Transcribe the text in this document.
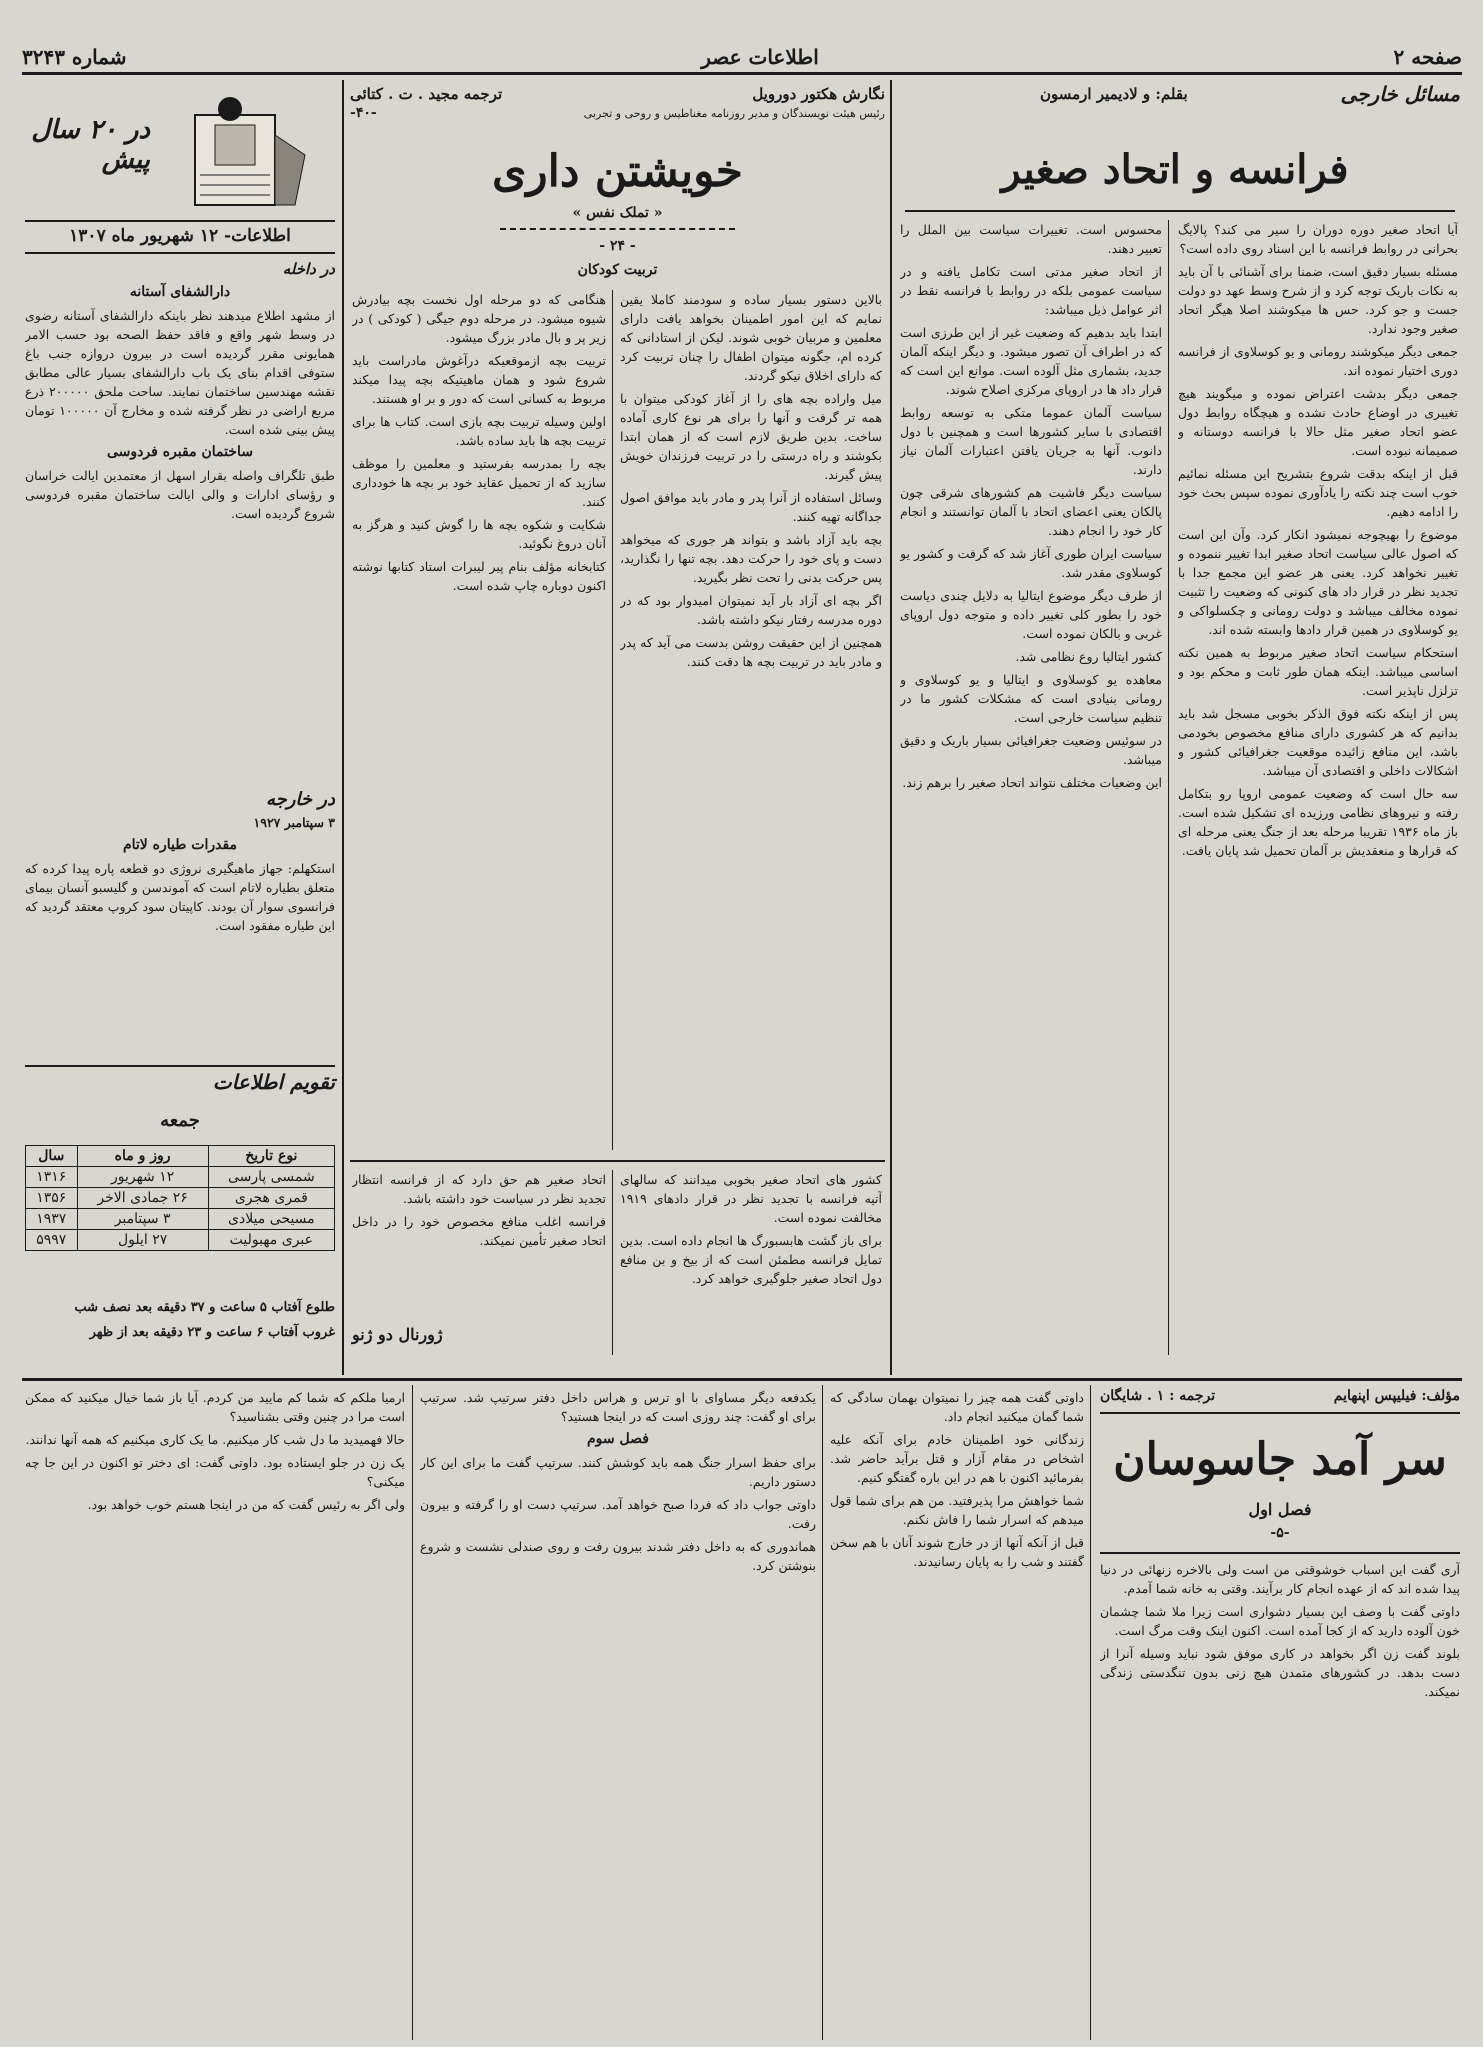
شماره ۳۲۴۳	اطلاعات عصر	صفحه ۲
مسائل خارجی
بقلم: و لادیمیر ارمسون
فرانسه و اتحاد صغیر

آیا اتحاد صغیر دوره دوران را سیر می کند؟ پالایگ بحرانی در روابط فرانسه با این اسناد روی داده است؟

مسئله بسیار دقیق است، ضمنا برای آشنائی با آن باید به نکات باریک توجه کرد و از شرح وسط عهد دو دولت جست و جو کرد. حس ها میکوشند اصلا هیگر اتحاد صغیر وجود ندارد.

جمعی دیگر میکوشند رومانی و یو کوسلاوی از فرانسه دوری اختیار نموده اند.

جمعی دیگر بدشت اعتراض نموده و میگویند هیچ تغییری در اوضاع حادث نشده و هیچگاه روابط دول عضو اتحاد صغیر مثل حالا با فرانسه دوستانه و صمیمانه نبوده است.

قبل از اینکه بدقت شروع بتشریح این مسئله نمائیم خوب است چند نکته را یادآوری نموده سپس بحث خود را ادامه دهیم.

موضوع را بهیچوجه نمیشود انکار کرد. وآن این است که اصول عالی سیاست اتحاد صغیر ابدا تغییر ننموده و تغییر نخواهد کرد. یعنی هر عضو این مجمع جدا با تجدید نظر در قرار داد های کنونی که وضعیت را تثبیت نموده مخالف میباشد و دولت رومانی و چکسلواکی و یو کوسلاوی در همین قرار دادها وابسته شده اند.

استحکام سیاست اتحاد صغیر مربوط به همین نکته اساسی میباشد. اینکه همان طور ثابت و محکم بود و تزلزل ناپذیر است.

پس از اینکه نکته فوق الذکر بخوبی مسجل شد باید بدانیم که هر کشوری دارای منافع مخصوص بخودمی باشد، این منافع زائیده موقعیت جغرافیائی کشور و اشکالات داخلی و اقتصادی آن میباشد.

سه حال است که وضعیت عمومی اروپا رو بتکامل رفته و نیروهای نظامی ورزیده ای تشکیل شده است. باز ماه ۱۹۳۶ تقریبا مرحله بعد از جنگ یعنی مرحله ای که قرارها و منعقدیش بر آلمان تحمیل شد پایان یافت.

محسوس است. تغییرات سیاست بین الملل را تعبیر دهند.

از اتحاد صغیر مدتی است تکامل یافته و در سیاست عمومی بلکه در روابط با فرانسه نقط در اثر عوامل ذیل میباشد:

ابتدا باید بدهیم که وضعیت غیر از این طرزی است که در اطراف آن تصور میشود. و دیگر اینکه آلمان جدید، بشماری مثل آلوده است. موانع این است که قرار داد ها در اروپای مرکزی اصلاح شوند.

سیاست آلمان عموما متکی به توسعه روابط اقتصادی با سایر کشورها است و همچنین با دول دانوب. آنها به جریان یافتن اعتبارات آلمان نیاز دارند.

سیاست دیگر فاشیت هم کشورهای شرقی چون پالکان یعنی اعضای اتحاد با آلمان توانستند و انجام کار خود را انجام دهند.

سیاست ایران طوری آغاز شد که گرفت و کشور یو کوسلاوی مقدر شد.

از طرف دیگر موضوع ایتالیا به دلایل چندی دیاست خود را بطور کلی تغییر داده و متوجه دول اروپای غربی و بالکان نموده است.

کشور ایتالیا روع نظامی شد.

معاهده یو کوسلاوی و ایتالیا و یو کوسلاوی و رومانی بنیادی است که مشکلات کشور ما در تنظیم سیاست خارجی است.

در سوئیس وضعیت جغرافیائی بسیار باریک و دقیق میباشد.

این وضعیات مختلف نتواند اتحاد صغیر را برهم زند.

نگارش هکتور دورویل
ترجمه مجید . ت . کتائی
رئیس هیئت نویسندگان و مدیر روزنامه مغناطیس و روحی و تجربی
-۴۰-
خویشتن داری
« تملک نفس »
- ۲۴ -
تربیت کودکان

بالاین دستور بسیار ساده و سودمند کاملا یقین نمایم که این امور اطمینان بخواهد یافت دارای معلمین و مربیان خوبی شوند. لیکن از استادانی که کرده ام، جگونه میتوان اطفال را چنان تربیت کرد که دارای اخلاق نیکو گردند.

میل واراده بچه های را از آغاز کودکی میتوان با همه تر گرفت و آنها را برای هر نوع کاری آماده ساخت. بدین طریق لازم است که از همان ابتدا بکوشند و راه درستی را در تربیت فرزندان خویش پیش گیرند.

وسائل استفاده از آنرا پدر و مادر باید موافق اصول جداگانه تهیه کنند.

بچه باید آزاد باشد و بتواند هر جوری که میخواهد دست و پای خود را حرکت دهد. بچه تنها را نگذارید، پس حرکت بدنی را تحت نظر بگیرید.

اگر بچه ای آزاد بار آید نمیتوان امیدوار بود که در دوره مدرسه رفتار نیکو داشته باشد.

همچنین از این حقیقت روشن بدست می آید که پدر و مادر باید در تربیت بچه ها دقت کنند.

هنگامی که دو مرحله اول نخست بچه بیادرش شیوه میشود. در مرحله دوم جیگی ( کودکی ) در زیر پر و بال مادر بزرگ میشود.

تربیت بچه ازموقعیکه درآغوش مادراست باید شروع شود و همان ماهیتیکه بچه پیدا میکند مربوط به کسانی است که دور و بر او هستند.

اولین وسیله تربیت بچه بازی است. کتاب ها برای تربیت بچه ها باید ساده باشد.

بچه را بمدرسه بفرستید و معلمین را موظف سازید که از تحمیل عقاید خود بر بچه ها خودداری کنند.

شکایت و شکوه بچه ها را گوش کنید و هرگز به آنان دروغ نگوئید.

کتابخانه مؤلف بنام پیر لیبرات استاد کتابها نوشته اکنون دوباره چاپ شده است.

کشور های اتحاد صغیر بخوبی میدانند که سالهای آتیه فرانسه با تجدید نظر در قرار دادهای ۱۹۱۹ مخالفت نموده است.

برای باز گشت هابسبورگ ها انجام داده است. بدین تمایل فرانسه مطمئن است که از بیخ و بن منافع دول اتحاد صغیر جلوگیری خواهد کرد.

اتحاد صغیر هم حق دارد که از فرانسه انتظار تجدید نظر در سیاست خود داشته باشد.

فرانسه اغلب منافع مخصوص خود را در داخل اتحاد صغیر تأمین نمیکند.

ژورنال دو ژنو
در ۲۰ سال پیش
اطلاعات- ۱۲ شهریور ماه ۱۳۰۷

در داخله

دارالشفای آستانه

از مشهد اطلاع میدهند نظر باینکه دارالشفای آستانه رضوی در وسط شهر واقع و فاقد حفظ الصحه بود حسب الامر همایونی مقرر گردیده است در بیرون دروازه جنب باغ ستوفی اقدام بنای یک باب دارالشفای بسیار عالی مطابق نقشه مهندسین ساختمان نمایند. ساحت ملحق ۲۰۰۰۰۰ ذرع مربع اراضی در نظر گرفته شده و مخارج آن ۱۰۰۰۰۰ تومان پیش بینی شده است.

ساختمان مقبره فردوسی

طبق تلگراف واصله بقرار اسهل از معتمدین ایالت خراسان و رؤسای ادارات و والی ایالت ساختمان مقبره فردوسی شروع گردیده است.

در خارجه

۳ سپتامبر ۱۹۲۷

مقدرات طیاره لاتام

استکهلم: جهاز ماهیگیری نروژی دو قطعه پاره پیدا کرده که متعلق بطیاره لاتام است که آموندسن و گلیسبو آنسان بیمای فرانسوی سوار آن بودند. کاپیتان سود کروپ معتقد گردید که این طیاره مفقود است.

تقویم اطلاعات
جمعه
نوع تاریخ	روز و ماه	سال
شمسی پارسی	۱۲ شهریور	۱۳۱۶
قمری هجری	۲۶ جمادی الاخر	۱۳۵۶
مسیحی میلادی	۳ سپتامبر	۱۹۳۷
عبری مهبولیت	۲۷ ایلول	۵۹۹۷
طلوع آفتاب ۵ ساعت و ۳۷ دقیقه بعد نصف شب
غروب آفتاب ۶ ساعت و ۲۳ دقیقه بعد از ظهر
مؤلف: فیلیپس اپنهایم
ترجمه : ۱ . شایگان
سر آمد جاسوسان
فصل اول
-۵-

آری گفت این اسباب خوشوقتی من است ولی بالاخره زنهائی در دنیا پیدا شده اند که از عهده انجام کار برآیند. وقتی به خانه شما آمدم.

داوتی گفت با وصف این بسیار دشواری است زیرا ملا شما چشمان خون آلوده دارید که از کجا آمده است. اکنون اینک وقت مرگ است.

بلوند گفت زن اگر بخواهد در کاری موفق شود نباید وسیله آنرا از دست بدهد. در کشورهای متمدن هیچ زنی بدون تنگدستی زندگی نمیکند.

داوتی گفت همه چیز را نمیتوان بهمان سادگی که شما گمان میکنید انجام داد.

زندگانی خود اطمینان خادم برای آنکه علیه اشخاص در مقام آزار و قتل برآید حاضر شد. بفرمائید اکنون با هم در این باره گفتگو کنیم.

شما خواهش مرا پذیرفتید. من هم برای شما قول میدهم که اسرار شما را فاش نکنم.

قبل از آنکه آنها از در خارج شوند آنان با هم سخن گفتند و شب را به پایان رسانیدند.

یکدفعه دیگر مساوای با او ترس و هراس داخل دفتر سرتیپ شد. سرتیپ برای او گفت: چند روزی است که در اینجا هستید؟

فصل سوم

برای حفظ اسرار جنگ همه باید کوشش کنند. سرتیپ گفت ما برای این کار دستور داریم.

داوتی جواب داد که فردا صبح خواهد آمد. سرتیپ دست او را گرفته و بیرون رفت.

هماندوری که به داخل دفتر شدند بیرون رفت و روی صندلی نشست و شروع بنوشتن کرد.

ارمیا ملکم که شما کم مایید من کردم. آیا باز شما خیال میکنید که ممکن است مرا در چنین وقتی بشناسید؟

حالا فهمیدید ما دل شب کار میکنیم. ما یک کاری میکنیم که همه آنها ندانند.

یک زن در جلو ایستاده بود. داوتی گفت: ای دختر تو اکنون در این جا چه میکنی؟

ولی اگر به رئیس گفت که من در اینجا هستم خوب خواهد بود.
